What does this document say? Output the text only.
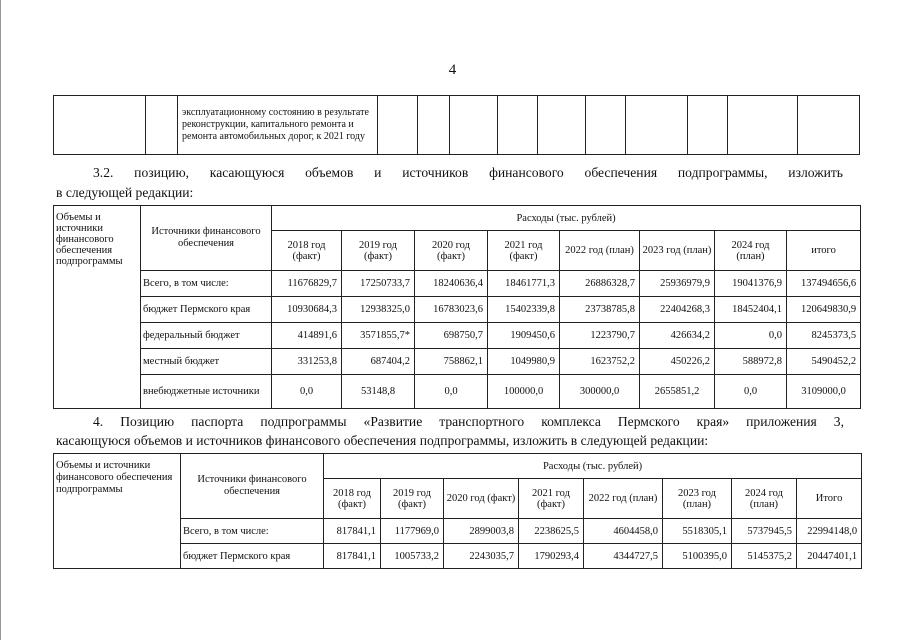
4
		эксплуатационному состоянию в результате реконструкции, капитального ремонта и ремонта автомобильных дорог, к 2021 году										
3.2. позицию, касающуюся объемов и источников финансового обеспечения подпрограммы, изложить
в следующей редакции:
Объемы и источники финансового обеспечения подпрограммы	Источники финансового обеспечения	Расходы (тыс. рублей)							
		2018 год (факт)	2019 год (факт)	2020 год (факт)	2021 год (факт)	2022 год (план)	2023 год (план)	2024 год (план)	итого
	Всего, в том числе:	11676829,7	17250733,7	18240636,4	18461771,3	26886328,7	25936979,9	19041376,9	137494656,6
	бюджет Пермского края	10930684,3	12938325,0	16783023,6	15402339,8	23738785,8	22404268,3	18452404,1	120649830,9
	федеральный бюджет	414891,6	3571855,7*	698750,7	1909450,6	1223790,7	426634,2	0,0	8245373,5
	местный бюджет	331253,8	687404,2	758862,1	1049980,9	1623752,2	450226,2	588972,8	5490452,2
	внебюджетные источники	0,0	53148,8	0,0	100000,0	300000,0	2655851,2	0,0	3109000,0
4. Позицию паспорта подпрограммы «Развитие транспортного комплекса Пермского края» приложения 3,
касающуюся объемов и источников финансового обеспечения подпрограммы, изложить в следующей редакции:
Объемы и источники финансового обеспечения подпрограммы	Источники финансового обеспечения	Расходы (тыс. рублей)							
		2018 год (факт)	2019 год (факт)	2020 год (факт)	2021 год (факт)	2022 год (план)	2023 год (план)	2024 год (план)	Итого
	Всего, в том числе:	817841,1	1177969,0	2899003,8	2238625,5	4604458,0	5518305,1	5737945,5	22994148,0
	бюджет Пермского края	817841,1	1005733,2	2243035,7	1790293,4	4344727,5	5100395,0	5145375,2	20447401,1
